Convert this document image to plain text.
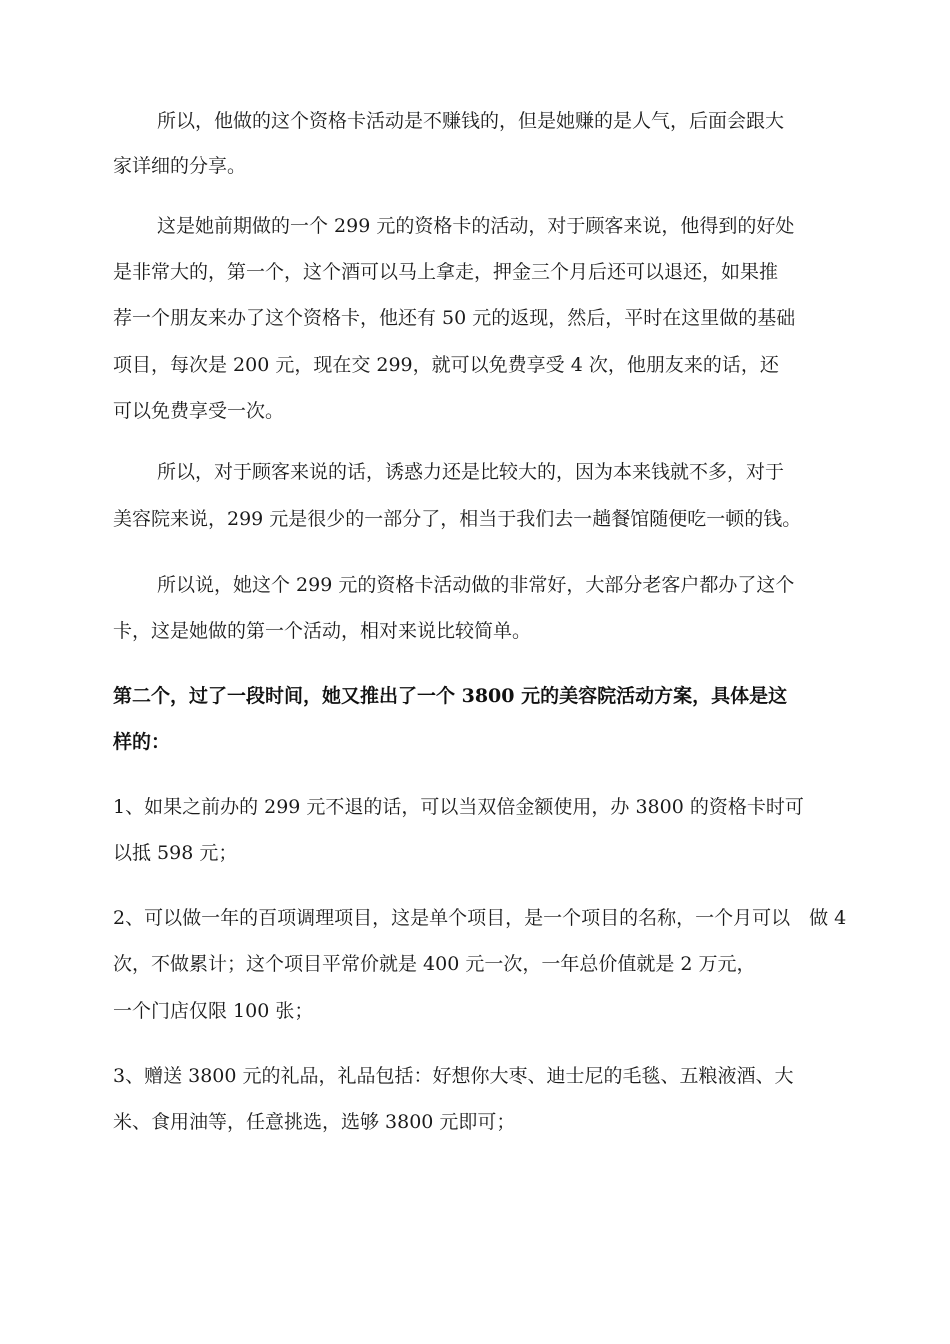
所以，他做的这个资格卡活动是不赚钱的，但是她赚的是人气，后面会跟大

家详细的分享。

这是她前期做的一个 299 元的资格卡的活动，对于顾客来说，他得到的好处

是非常大的，第一个，这个酒可以马上拿走，押金三个月后还可以退还，如果推

荐一个朋友来办了这个资格卡，他还有 50 元的返现，然后，平时在这里做的基础

项目，每次是 200 元，现在交 299，就可以免费享受 4 次，他朋友来的话，还

可以免费享受一次。

所以，对于顾客来说的话，诱惑力还是比较大的，因为本来钱就不多，对于

美容院来说，299 元是很少的一部分了，相当于我们去一趟餐馆随便吃一顿的钱。

所以说，她这个 299 元的资格卡活动做的非常好，大部分老客户都办了这个

卡，这是她做的第一个活动，相对来说比较简单。

第二个，过了一段时间，她又推出了一个 3800 元的美容院活动方案，具体是这

样的：

1、如果之前办的 299 元不退的话，可以当双倍金额使用，办 3800 的资格卡时可

以抵 598 元；

2、可以做一年的百项调理项目，这是单个项目，是一个项目的名称，一个月可以　做 4

次，不做累计；这个项目平常价就是 400 元一次，一年总价值就是 2 万元，

一个门店仅限 100 张；

3、赠送 3800 元的礼品，礼品包括：好想你大枣、迪士尼的毛毯、五粮液酒、大

米、食用油等，任意挑选，选够 3800 元即可；
